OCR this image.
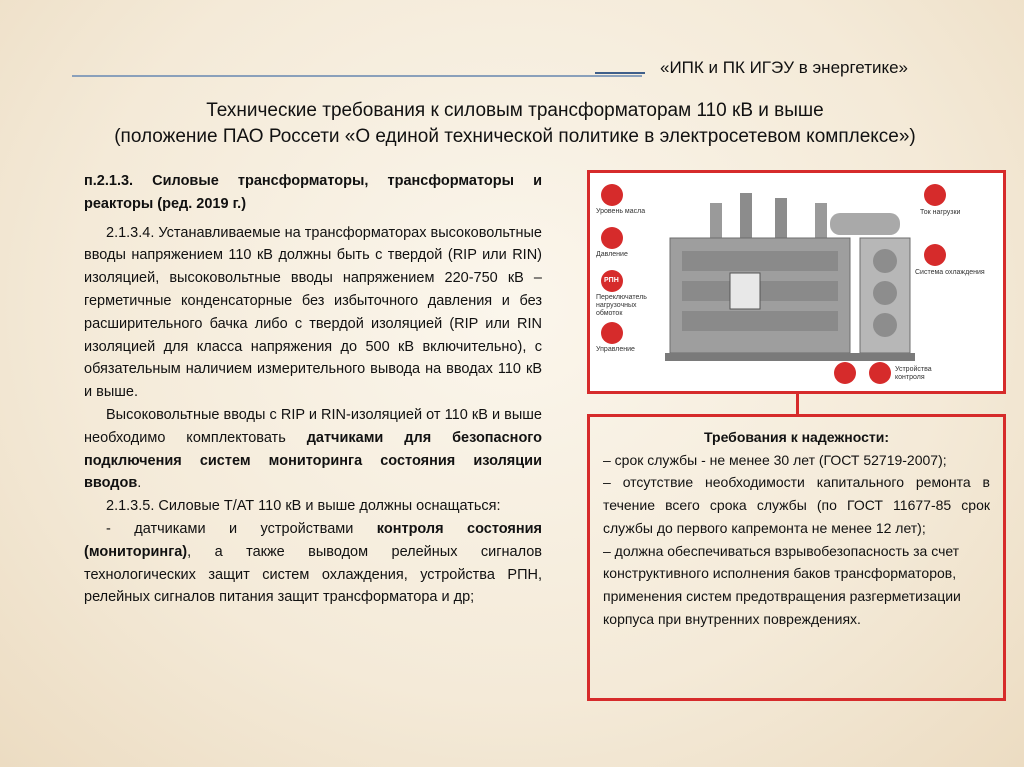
«ИПК и ПК ИГЭУ в энергетике»
Технические требования к силовым трансформаторам 110 кВ и выше
(положение ПАО Россети «О единой технической политике в электросетевом комплексе»)

п.2.1.3. Силовые трансформаторы, трансформаторы и реакторы (ред. 2019 г.)

2.1.3.4. Устанавливаемые на трансформаторах высоковольтные вводы напряжением 110 кВ должны быть с твердой (RIP или RIN) изоляцией, высоковольтные вводы напряжением 220-750 кВ – герметичные конденсаторные без избыточного давления и без расширительного бачка либо с твердой изоляцией (RIP или RIN изоляцией для класса напряжения до 500 кВ включительно), с обязательным наличием измерительного вывода на вводах 110 кВ и выше.

Высоковольтные вводы с RIP и RIN-изоляцией от 110 кВ и выше необходимо комплектовать датчиками для безопасного подключения систем мониторинга состояния изоляции вводов.

2.1.3.5. Силовые Т/АТ 110 кВ и выше должны оснащаться:

- датчиками и устройствами контроля состояния (мониторинга), а также выводом релейных сигналов технологических защит систем охлаждения, устройства РПН, релейных сигналов питания защит трансформатора и др;

Уровень масла
Давление
РПН
Переключатель нагрузочных обмоток
Управление
Ток нагрузки
Система охлаждения
Устройства контроля
Требования к надежности:

– срок службы - не менее 30 лет (ГОСТ 52719-2007);

– отсутствие необходимости капитального ремонта в течение всего срока службы (по ГОСТ 11677-85 срок службы до первого капремонта не менее 12 лет);

– должна обеспечиваться взрывобезопасность за счет конструктивного исполнения баков трансформаторов, применения систем предотвращения разгерметизации корпуса при внутренних повреждениях.
